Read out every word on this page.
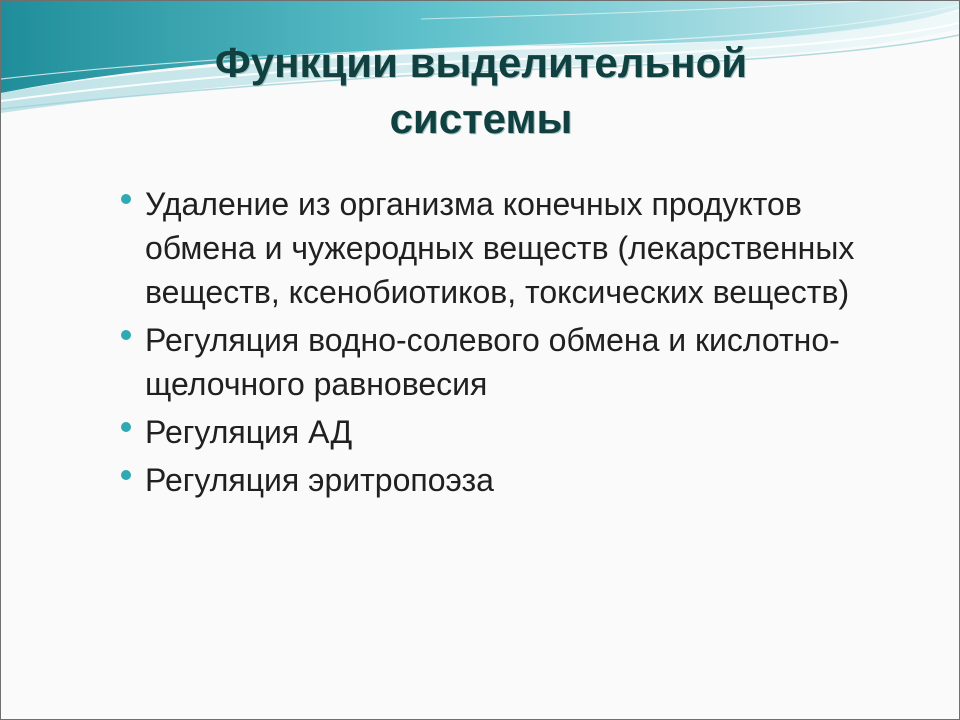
Функции выделительной
системы
Удаление из организма конечных продуктов обмена и чужеродных веществ (лекарственных веществ, ксенобиотиков, токсических веществ)
Регуляция водно-солевого обмена и кислотно-щелочного равновесия
Регуляция АД
Регуляция эритропоэза
